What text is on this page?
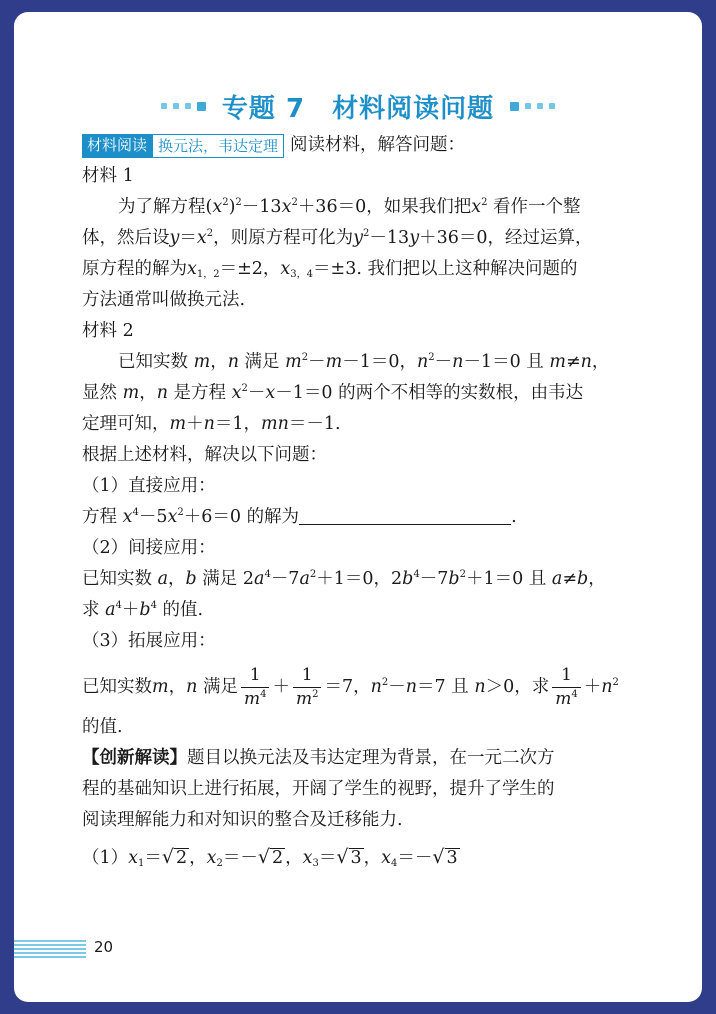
专题 7　材料阅读问题
材料阅读 换元法，韦达定理 阅读材料，解答问题：
材料 1
为了解方程$(x^2)^2-13x^2+36=0$，如果我们把$x^2$ 看作一个整
体，然后设$y=x^2$，则原方程可化为$y^2-13y+36=0$，经过运算，
原方程的解为$x_{1,2}=\pm 2$，$x_{3,4}=\pm 3$. 我们把以上这种解决问题的
方法通常叫做换元法.
材料 2
已知实数 m，n 满足 $m^2-m-1=0$，$n^2-n-1=0$ 且 m≠n，
显然 m，n 是方程 $x^2-x-1=0$ 的两个不相等的实数根，由韦达
定理可知，m＋n＝1，mn＝－1.
根据上述材料，解决以下问题：
（1）直接应用：
方程 $x^4-5x^2+6=0$ 的解为	.
（2）间接应用：
已知实数 a，b 满足 $2a^4-7a^2+1=0$，$2b^4-7b^2+1=0$ 且 a≠b，
求 $a^4+b^4$ 的值.
（3）拓展应用：
已知实数m，n 满足 $\frac{1}{m^4} + \frac{1}{m^2} =7$，$n^2-n=7$ 且 n＞0，求 $\frac{1}{m^4} +n^2$
的值.
【创新解读】题目以换元法及韦达定理为背景，在一元二次方
程的基础知识上进行拓展，开阔了学生的视野，提升了学生的
阅读理解能力和对知识的整合及迁移能力.
$(1)x_1=√$ 2 ，$x_2=-√$ 2 ，$x_3=√$ 3 ，$x_4=-√$ 3
20
